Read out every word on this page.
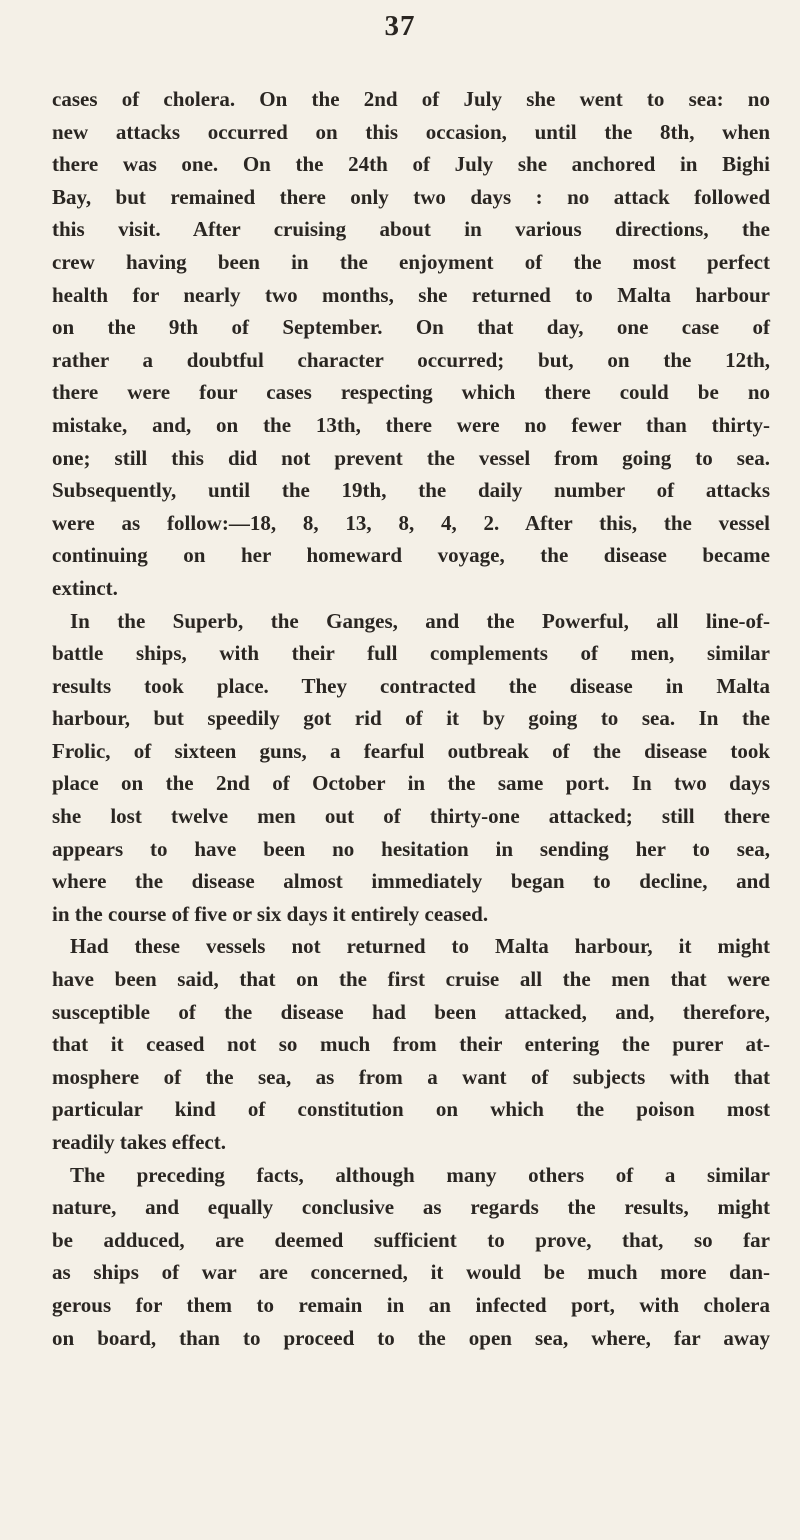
37
cases of cholera. On the 2nd of July she went to sea: no
new attacks occurred on this occasion, until the 8th, when
there was one. On the 24th of July she anchored in Bighi
Bay, but remained there only two days : no attack followed
this visit. After cruising about in various directions, the
crew having been in the enjoyment of the most perfect
health for nearly two months, she returned to Malta harbour
on the 9th of September. On that day, one case of
rather a doubtful character occurred; but, on the 12th,
there were four cases respecting which there could be no
mistake, and, on the 13th, there were no fewer than thirty-
one; still this did not prevent the vessel from going to sea.
Subsequently, until the 19th, the daily number of attacks
were as follow:—18, 8, 13, 8, 4, 2. After this, the vessel
continuing on her homeward voyage, the disease became
extinct.
In the Superb, the Ganges, and the Powerful, all line-of-
battle ships, with their full complements of men, similar
results took place. They contracted the disease in Malta
harbour, but speedily got rid of it by going to sea. In the
Frolic, of sixteen guns, a fearful outbreak of the disease took
place on the 2nd of October in the same port. In two days
she lost twelve men out of thirty-one attacked; still there
appears to have been no hesitation in sending her to sea,
where the disease almost immediately began to decline, and
in the course of five or six days it entirely ceased.
Had these vessels not returned to Malta harbour, it might
have been said, that on the first cruise all the men that were
susceptible of the disease had been attacked, and, therefore,
that it ceased not so much from their entering the purer at-
mosphere of the sea, as from a want of subjects with that
particular kind of constitution on which the poison most
readily takes effect.
The preceding facts, although many others of a similar
nature, and equally conclusive as regards the results, might
be adduced, are deemed sufficient to prove, that, so far
as ships of war are concerned, it would be much more dan-
gerous for them to remain in an infected port, with cholera
on board, than to proceed to the open sea, where, far away
